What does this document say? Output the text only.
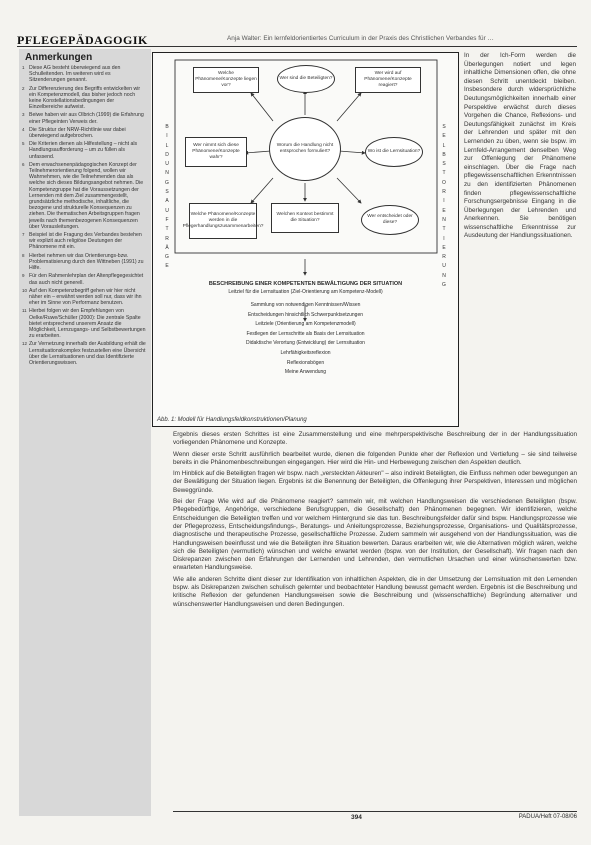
PFLEGEPÄDAGOGIK	Anja Walter: Ein lernfeldorientiertes Curriculum in der Praxis des Christlichen Verbandes für …
Anmerkungen
1 Diese AG besteht überwiegend aus den Schulleitenden. Im weiteren wird es Sitzenderungen genannt.
2 Zur Differenzierung des Begriffs entwickelten wir ein Kompetenzmodell, das bisher jedoch noch keine Konstellationsbedingungen der Einzelbereiche aufweist.
3 Beiwe haben wir aus Olbrich (1999) die Erfahrung einer Pflegeinten Verweis der.
4 Die Struktur der NRW-Richtlinie war dabei überwiegend aufgebrochen.
5 Die Kriterien dienen als Hilfestellung – nicht als Handlungsaufforderung – um zu füllen als unfassend.
6 Dem erwachsenenpädagogischen Konzept der Teilnehmerorientierung folgend, wollen wir Wahrnehmen, wie die Teilnehmenden das als welche sich dieses Bildungsangebot nehmen. Die Kompetenzgruppe hat die Voraussetzungen der Lernenden mit dem Ziel zusammengestellt, grundsätzliche methodische, inhaltliche, die bezogene und strukturelle Konsequenzen zu ziehen. Die thematischen Arbeitsgruppen fragen jeweils nach themenbezogenen Konsequenzen über Vorausleitungen.
7 Beispiel ist die Fragung des Verbandes bestehen wir explizit auch religiöse Deutungen der Phänomene mit ein.
8 Hierbei nehmen wir das Orientierungs-bzw. Problematisierung durch den Wittneben (1991) zu Hilfe.
9 Für den Rahmenlehrplan der Altenpflegegesichtet das auch nicht generell.
10 Auf den Kompetenzbegriff gehen wir hier nicht näher ein – erwähnt werden soll nur, dass wir ihn eher im Sinne von Performanz benutzen.
11 Hierbei folgen wir den Empfehlungen von Oelke/Ruwe/Schüller (2000): Die zentrale Spalte bietet entsprechend unserem Ansatz die Möglichkeit, Lernzugangs- und Selbstbewertungen zu erarbeiten.
12 Zur Vernetzung innerhalb der Ausbildung erhält die Lernsituationskomplex festzustellen eine Übersicht über die Lernsituationen und das Identifizierte Orientierungswissen.
B
I
L
D
U
N
G
S
A
U
F
T
R
Ä
G
E
S
E
L
B
S
T
O
R
I
E
N
T
I
E
R
U
N
G
Welche Phänomene/Konzepte liegen vor?
Wer sind die Beteiligten?
Wer wird auf Phänomene/Konzepte reagiert?
Wer nimmt sich diese Phänomene/Konzepte wahr?
Worum die Handlung nicht entsprochen formuliert?	Wo ist die Lernsituation?
Welche Phänomene/Konzepte werden in die Pflegerhandlungszusammenarbeiten?
Welchen Kontext bestimmt die Situation?
Wer entscheidet oder diese?

BESCHREIBUNG EINER KOMPETENTEN BEWÄLTIGUNG DER SITUATION

Leitziel für die Lernsituation (Ziel-Orientierung am Kompetenz-Modell)

Sammlung von notwendigen Kenntnissen/Wissen
Entscheidungen hinsichtlich Schwerpunktsetzungen
Leitziele (Orientierung am Kompetenzmodell)
Festlegen der Lernschritte als Basis der Lernsituation
Didaktische Verortung (Entwicklung) der Lernsituation
Lehrfähigkeitsreflexion
Reflexionsbögen
Meine Anwendung
Abb. 1: Modell für Handlungsfeldkonstruktionen/Planung
In der Ich-Form werden die Überlegungen notiert und legen inhaltliche Dimensionen offen, die ohne diesen Schritt unentdeckt bleiben. Insbesondere durch widersprüchliche Deutungsmöglichkeiten innerhalb einer Perspektive erwächst durch dieses Vorgehen die Chance, Reflexions- und Deutungsfähigkeit zunächst im Kreis der Lehrenden und später mit den Lernenden zu üben, wenn sie bspw. im Lernfeld-Arrangement denselben Weg zur Offenlegung der Phänomene einschlagen. Über die Frage nach pflegewissenschaftlichen Erkenntnissen zu den identifizierten Phänomenen finden pflegewissenschaftliche Forschungsergebnisse Eingang in die Überlegungen der Lehrenden und Anerkennen. Sie benötigen wissenschaftliche Erkenntnisse zur Ausdeutung der Handlungssituationen.

Ergebnis dieses ersten Schrittes ist eine Zusammenstellung und eine mehrperspektivische Beschreibung der in der Handlungssituation vorliegenden Phänomene und Konzepte.

Wenn dieser erste Schritt ausführlich bearbeitet wurde, dienen die folgenden Punkte eher der Reflexion und Vertiefung – sie sind teilweise bereits in die Phänomenbeschreibungen eingegangen. Hier wird die Hin- und Herbewegung zwischen den Aspekten deutlich.

Im Hinblick auf die Beteiligten fragen wir bspw. nach „versteckten Akteuren" – also indirekt Beteiligten, die Einfluss nehmen oder bewegungen an der Bewältigung der Situation liegen. Ergebnis ist die Benennung der Beteiligten, die Offenlegung ihrer Perspektiven, Interessen und möglichen Beweggründe.

Bei der Frage Wie wird auf die Phänomene reagiert? sammeln wir, mit welchen Handlungsweisen die verschiedenen Beteiligten (bspw. Pflegebedürftige, Angehörige, verschiedene Berufsgruppen, die Gesellschaft) den Phänomenen begegnen. Wir identifizieren, welche Entscheidungen die Beteiligten treffen und vor welchem Hintergrund sie das tun. Beschreibungsfelder dafür sind bspw. Handlungsprozesse wie der Pflegeprozess, Entscheidungsfindungs-, Beratungs- und Anleitungsprozesse, Beziehungsprozesse, Organisations- und Qualitätsprozesse, diagnostische und therapeutische Prozesse, gesellschaftliche Prozesse. Zudem sammeln wir ausgehend von der Handlungssituation, was die Handlungsweisen beeinflusst und wie die Beteiligten ihre Situation bewerten. Daraus erarbeiten wir, wie die Alternativen möglich wären, welche sich die Beteiligten (vermutlich) wünschen und welche erwartet werden (bspw. von der Institution, der Gesellschaft). Wir fragen nach den Diskrepanzen zwischen den Erfahrungen der Lernenden und Lehrenden, den vermutlichen Ursachen und einer wünschenswerten bzw. erwarteten Handlungsweise.

Wie alle anderen Schritte dient dieser zur Identifikation von inhaltlichen Aspekten, die in der Umsetzung der Lernsituation mit den Lernenden bspw. als Diskrepanzen zwischen schulisch gelernter und beobachteter Handlung bewusst gemacht werden. Ergebnis ist die Beschreibung und kritische Reflexion der gefundenen Handlungsweisen sowie die Beschreibung und (wissenschaftliche) Begründung alternativer und wünschenswerter Handlungsweisen und deren Bedingungen.

394	PADUA/Heft 07-08/06
